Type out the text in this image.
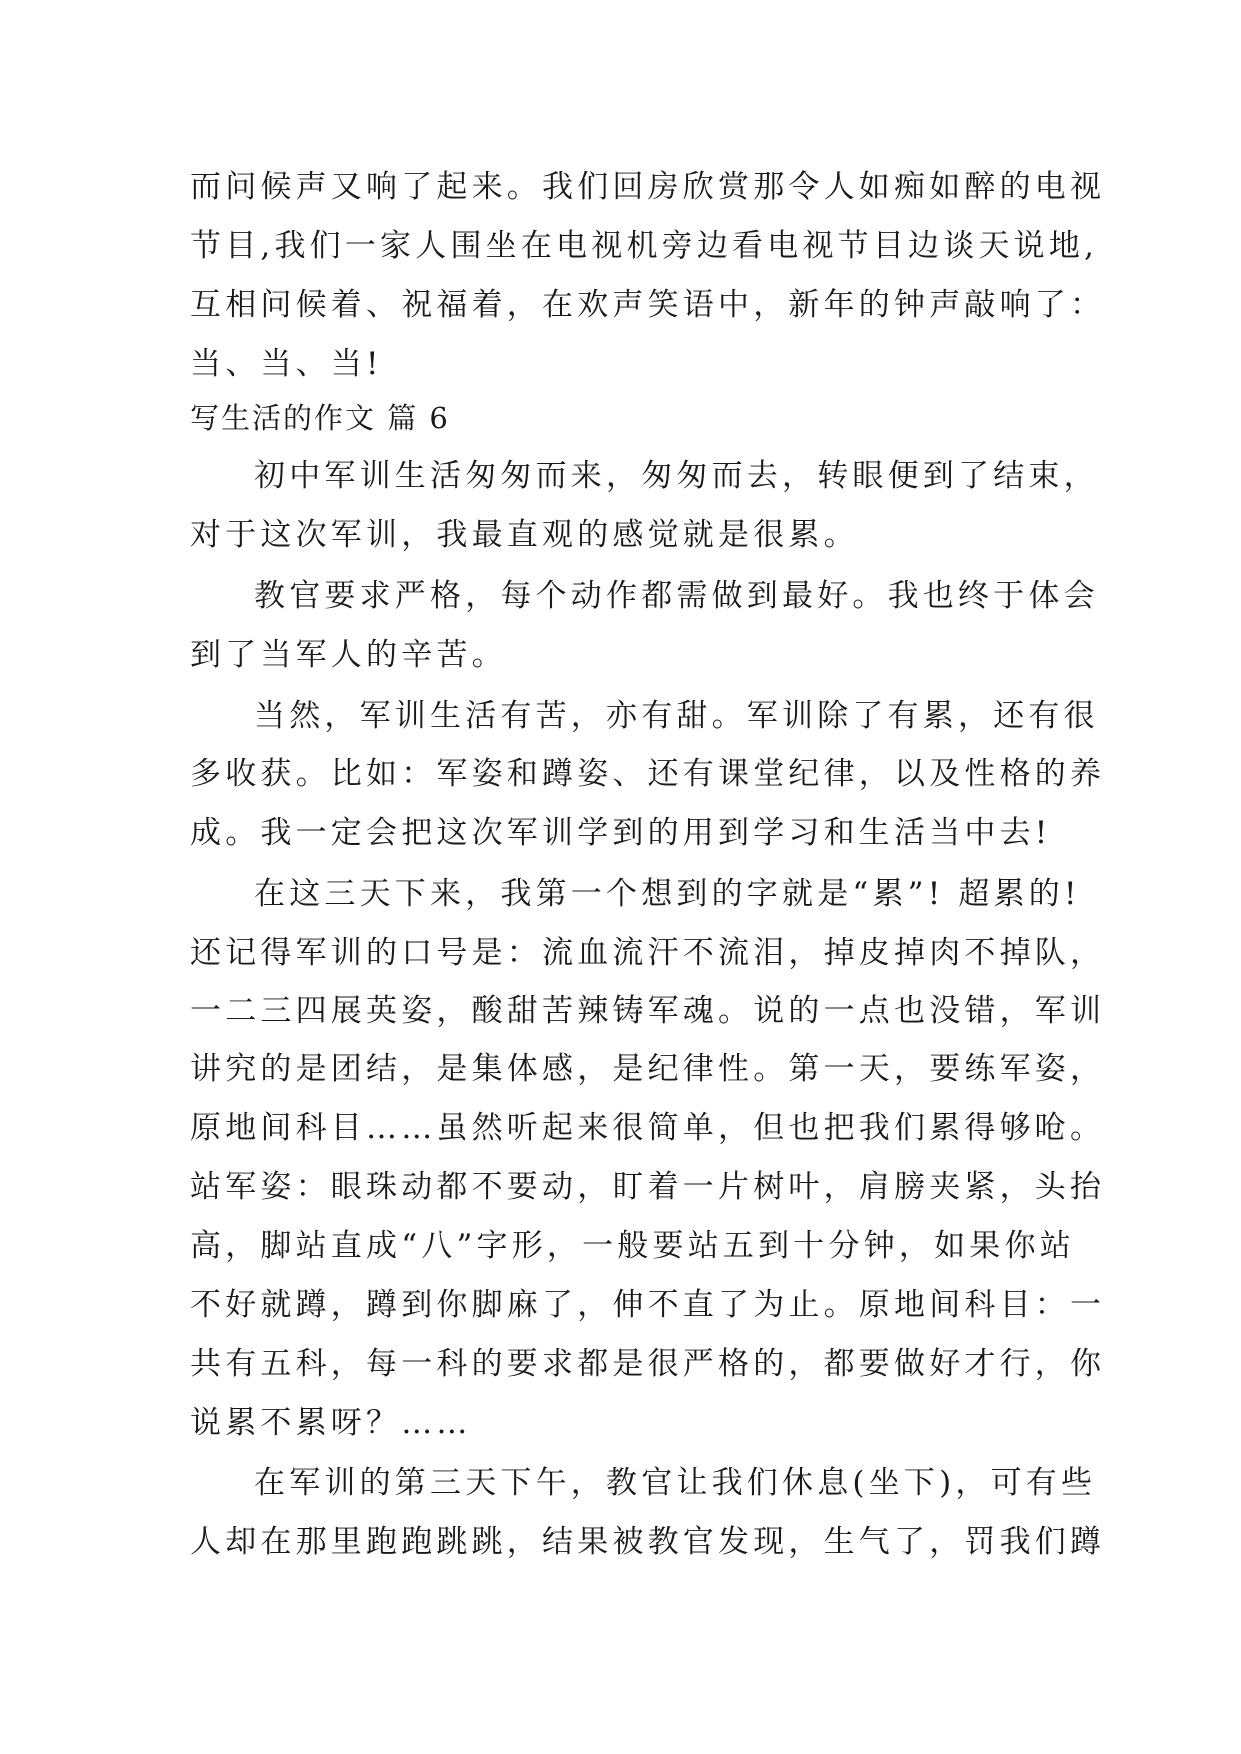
而问候声又响了起来。我们回房欣赏那令人如痴如醉的电视
节目,我们一家人围坐在电视机旁边看电视节目边谈天说地,
互相问候着、祝福着，在欢声笑语中，新年的钟声敲响了：
当、当、当!
写生活的作文 篇 6
初中军训生活匆匆而来，匆匆而去，转眼便到了结束，
对于这次军训，我最直观的感觉就是很累。
教官要求严格，每个动作都需做到最好。我也终于体会
到了当军人的辛苦。
当然，军训生活有苦，亦有甜。军训除了有累，还有很
多收获。比如：军姿和蹲姿、还有课堂纪律，以及性格的养
成。我一定会把这次军训学到的用到学习和生活当中去!
在这三天下来，我第一个想到的字就是“累”! 超累的!
还记得军训的口号是：流血流汗不流泪，掉皮掉肉不掉队，
一二三四展英姿，酸甜苦辣铸军魂。说的一点也没错，军训
讲究的是团结，是集体感，是纪律性。第一天，要练军姿，
原地间科目……虽然听起来很简单，但也把我们累得够呛。
站军姿：眼珠动都不要动，盯着一片树叶，肩膀夹紧，头抬
高，脚站直成“八”字形，一般要站五到十分钟，如果你站
不好就蹲，蹲到你脚麻了，伸不直了为止。原地间科目：一
共有五科，每一科的要求都是很严格的，都要做好才行，你
说累不累呀？……
在军训的第三天下午，教官让我们休息(坐下)，可有些
人却在那里跑跑跳跳，结果被教官发现，生气了，罚我们蹲
